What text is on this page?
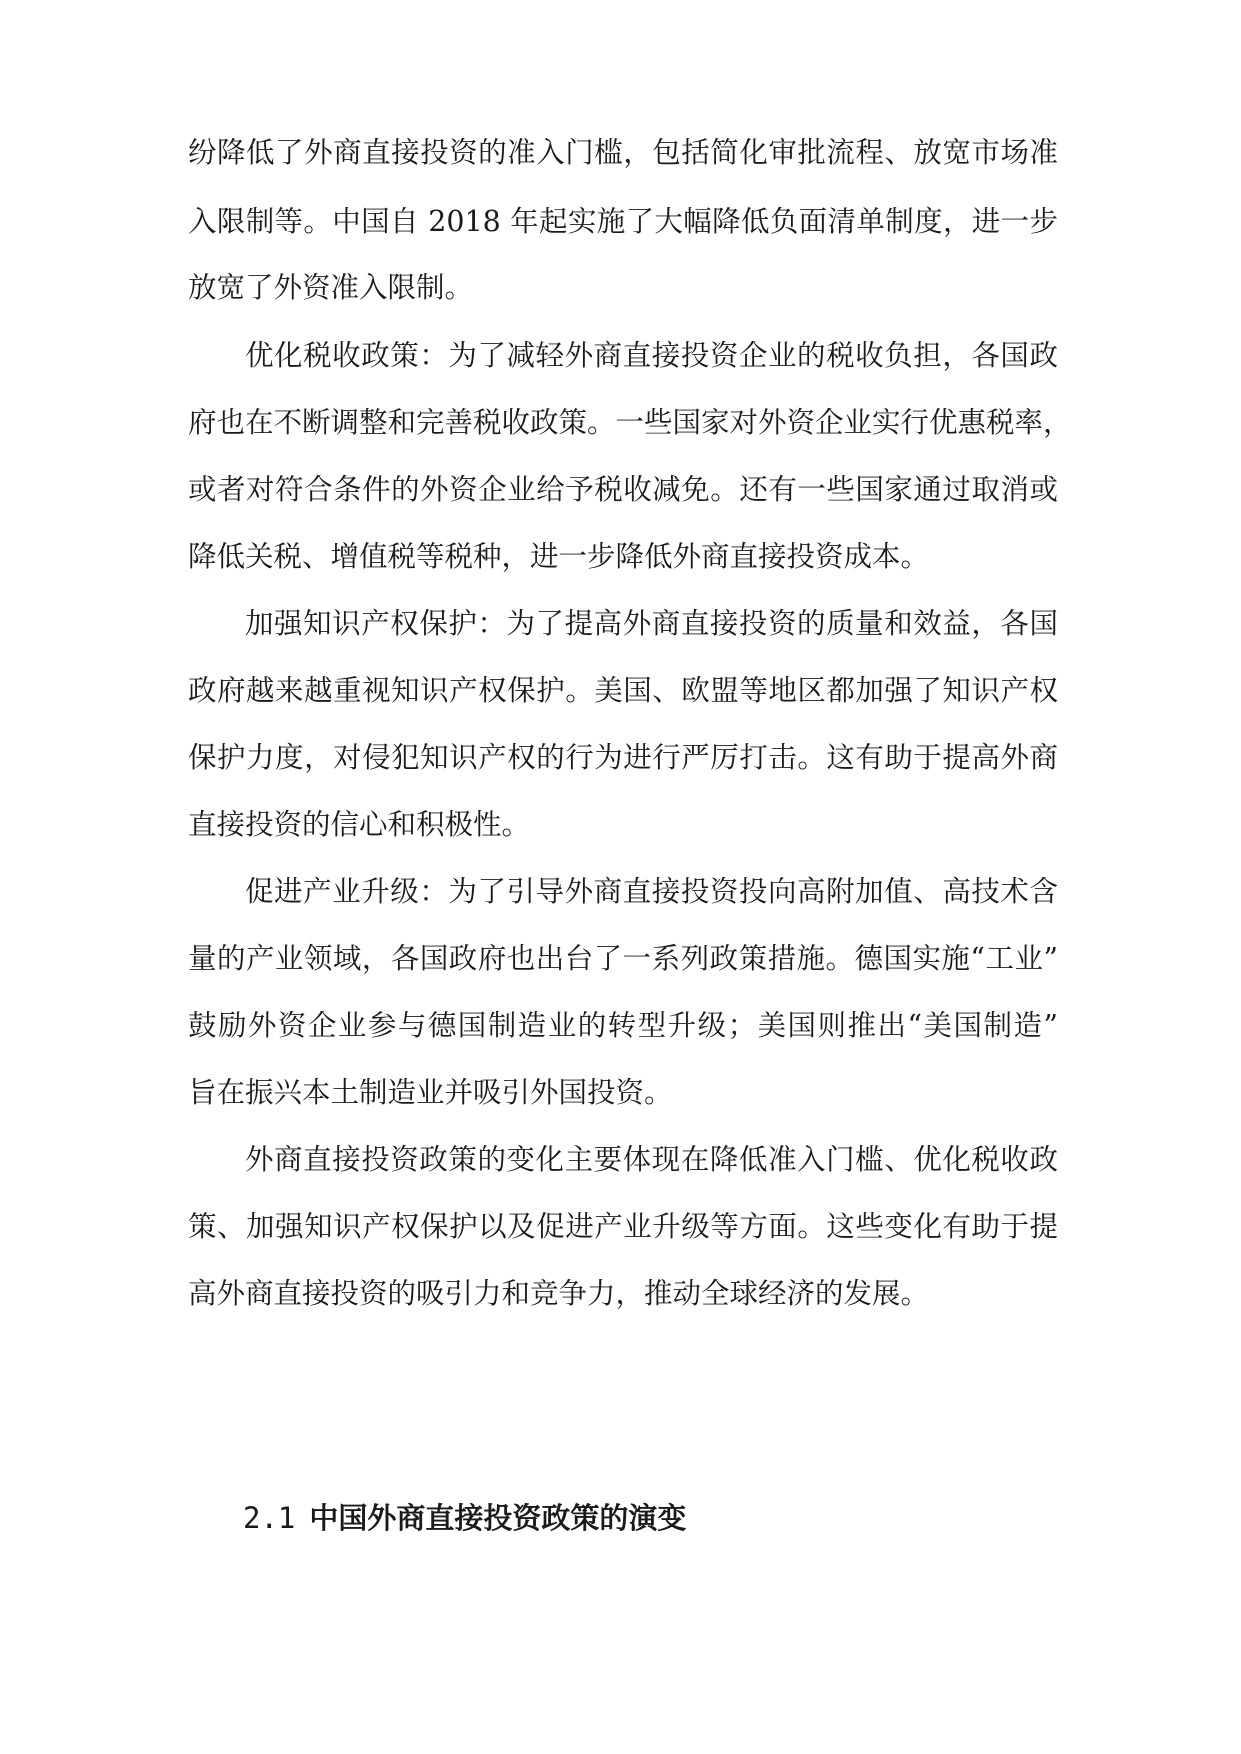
纷降低了外商直接投资的准入门槛，包括简化审批流程、放宽市场准
入限制等。中国自 2018 年起实施了大幅降低负面清单制度，进一步
放宽了外资准入限制。
优化税收政策：为了减轻外商直接投资企业的税收负担，各国政
府也在不断调整和完善税收政策。一些国家对外资企业实行优惠税率，
或者对符合条件的外资企业给予税收减免。还有一些国家通过取消或
降低关税、增值税等税种，进一步降低外商直接投资成本。
加强知识产权保护：为了提高外商直接投资的质量和效益，各国
政府越来越重视知识产权保护。美国、欧盟等地区都加强了知识产权
保护力度，对侵犯知识产权的行为进行严厉打击。这有助于提高外商
直接投资的信心和积极性。
促进产业升级：为了引导外商直接投资投向高附加值、高技术含
量的产业领域，各国政府也出台了一系列政策措施。德国实施“工业”
鼓励外资企业参与德国制造业的转型升级；美国则推出“美国制造”
旨在振兴本土制造业并吸引外国投资。
外商直接投资政策的变化主要体现在降低准入门槛、优化税收政
策、加强知识产权保护以及促进产业升级等方面。这些变化有助于提
高外商直接投资的吸引力和竞争力，推动全球经济的发展。
2.1 中国外商直接投资政策的演变
